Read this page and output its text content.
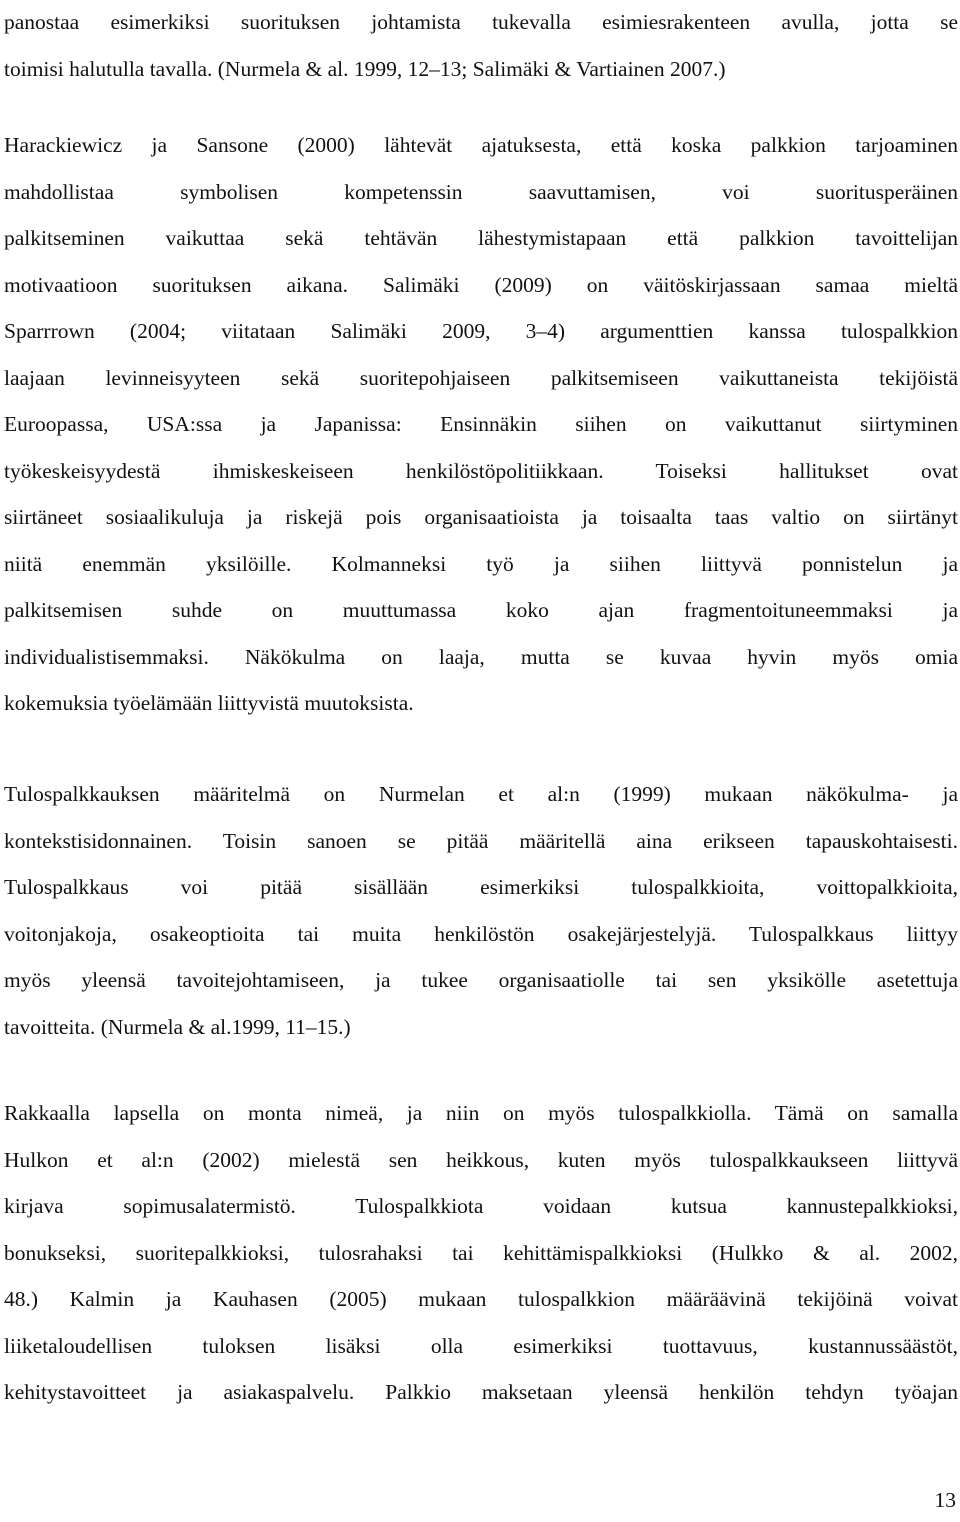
panostaa esimerkiksi suorituksen johtamista tukevalla esimiesrakenteen avulla, jotta se
toimisi halutulla tavalla. (Nurmela & al. 1999, 12–13; Salimäki & Vartiainen 2007.)
Harackiewicz ja Sansone (2000) lähtevät ajatuksesta, että koska palkkion tarjoaminen
mahdollistaa symbolisen kompetenssin saavuttamisen, voi suoritusperäinen
palkitseminen vaikuttaa sekä tehtävän lähestymistapaan että palkkion tavoittelijan
motivaatioon suorituksen aikana. Salimäki (2009) on väitöskirjassaan samaa mieltä
Sparrrown (2004; viitataan Salimäki 2009, 3–4) argumenttien kanssa tulospalkkion
laajaan levinneisyyteen sekä suoritepohjaiseen palkitsemiseen vaikuttaneista tekijöistä
Euroopassa, USA:ssa ja Japanissa: Ensinnäkin siihen on vaikuttanut siirtyminen
työkeskeisyydestä ihmiskeskeiseen henkilöstöpolitiikkaan. Toiseksi hallitukset ovat
siirtäneet sosiaalikuluja ja riskejä pois organisaatioista ja toisaalta taas valtio on siirtänyt
niitä enemmän yksilöille. Kolmanneksi työ ja siihen liittyvä ponnistelun ja
palkitsemisen suhde on muuttumassa koko ajan fragmentoituneemmaksi ja
individualistisemmaksi. Näkökulma on laaja, mutta se kuvaa hyvin myös omia
kokemuksia työelämään liittyvistä muutoksista.
Tulospalkkauksen määritelmä on Nurmelan et al:n (1999) mukaan näkökulma- ja
kontekstisidonnainen. Toisin sanoen se pitää määritellä aina erikseen tapauskohtaisesti.
Tulospalkkaus voi pitää sisällään esimerkiksi tulospalkkioita, voittopalkkioita,
voitonjakoja, osakeoptioita tai muita henkilöstön osakejärjestelyjä. Tulospalkkaus liittyy
myös yleensä tavoitejohtamiseen, ja tukee organisaatiolle tai sen yksikölle asetettuja
tavoitteita. (Nurmela & al.1999, 11–15.)
Rakkaalla lapsella on monta nimeä, ja niin on myös tulospalkkiolla. Tämä on samalla
Hulkon et al:n (2002) mielestä sen heikkous, kuten myös tulospalkkaukseen liittyvä
kirjava sopimusalatermistö. Tulospalkkiota voidaan kutsua kannustepalkkioksi,
bonukseksi, suoritepalkkioksi, tulosrahaksi tai kehittämispalkkioksi (Hulkko & al. 2002,
48.) Kalmin ja Kauhasen (2005) mukaan tulospalkkion määräävinä tekijöinä voivat
liiketaloudellisen tuloksen lisäksi olla esimerkiksi tuottavuus, kustannussäästöt,
kehitystavoitteet ja asiakaspalvelu. Palkkio maksetaan yleensä henkilön tehdyn työajan
13
